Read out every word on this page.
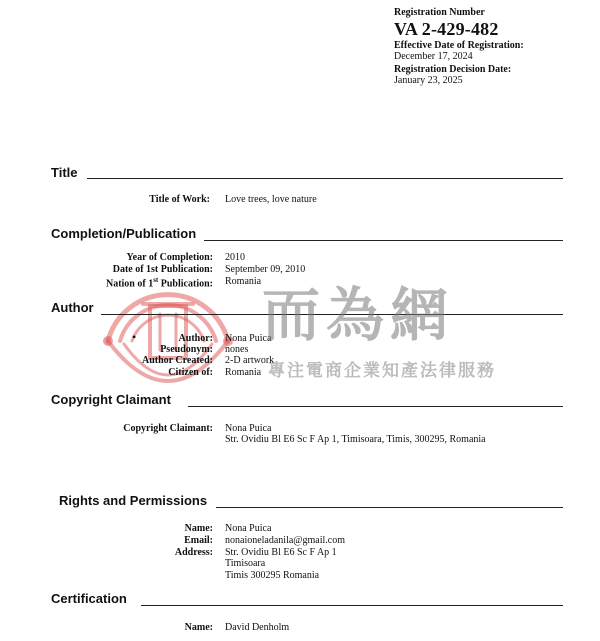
Registration Number
VA 2-429-482
Effective Date of Registration:
December 17, 2024
Registration Decision Date:
January 23, 2025
Title
Title of Work: Love trees, love nature
Completion/Publication
Year of Completion: 2010
Date of 1st Publication: September 09, 2010
Nation of 1st Publication: Romania
Author
•	Author: Nona Puica
Pseudonym: nones
Author Created: 2-D artwork
Citizen of: Romania
Copyright Claimant
Copyright Claimant: Nona Puica
Str. Ovidiu Bl E6 Sc F Ap 1, Timisoara, Timis, 300295, Romania
Rights and Permissions
Name: Nona Puica
Email: nonaioneladanila@gmail.com
Address: Str. Ovidiu Bl E6 Sc F Ap 1
Timisoara
Timis 300295 Romania
Certification
Name: David Denholm
而為網
專注電商企業知產法律服務
